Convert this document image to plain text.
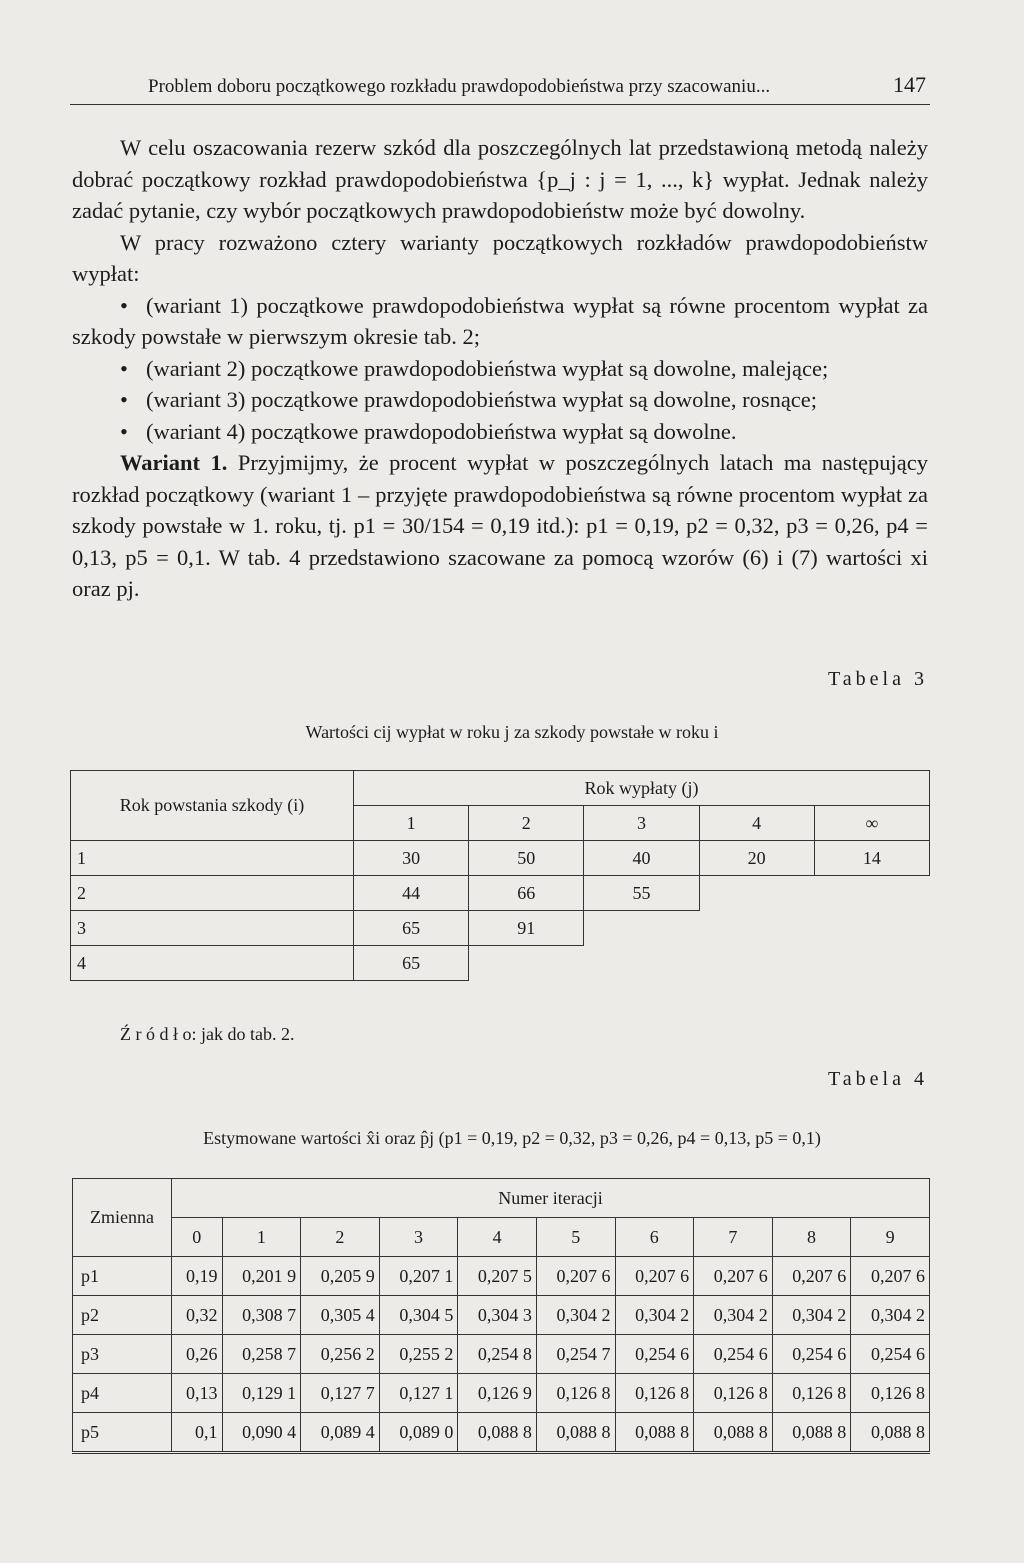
Problem doboru początkowego rozkładu prawdopodobieństwa przy szacowaniu...	147

W celu oszacowania rezerw szkód dla poszczególnych lat przedstawioną metodą należy dobrać początkowy rozkład prawdopodobieństwa {p_j : j = 1, ..., k} wypłat. Jednak należy zadać pytanie, czy wybór początkowych prawdopodobieństw może być dowolny.

W pracy rozważono cztery warianty początkowych rozkładów prawdopodobieństw wypłat:

• (wariant 1) początkowe prawdopodobieństwa wypłat są równe procentom wypłat za szkody powstałe w pierwszym okresie tab. 2;
• (wariant 2) początkowe prawdopodobieństwa wypłat są dowolne, malejące;
• (wariant 3) początkowe prawdopodobieństwa wypłat są dowolne, rosnące;
• (wariant 4) początkowe prawdopodobieństwa wypłat są dowolne.

Wariant 1. Przyjmijmy, że procent wypłat w poszczególnych latach ma następujący rozkład początkowy (wariant 1 – przyjęte prawdopodobieństwa są równe procentom wypłat za szkody powstałe w 1. roku, tj. p1 = 30/154 = 0,19 itd.): p1 = 0,19, p2 = 0,32, p3 = 0,26, p4 = 0,13, p5 = 0,1. W tab. 4 przedstawiono szacowane za pomocą wzorów (6) i (7) wartości xi oraz pj.

Tabela 3
Wartości cij wypłat w roku j za szkody powstałe w roku i
Rok powstania szkody (i)	Rok wypłaty (j)				
	1	2	3	4	∞
1	30	50	40	20	14
2	44	66	55		
3	65	91			
4	65				
Ź r ó d ł o: jak do tab. 2.
Tabela 4
Estymowane wartości x̂i oraz p̂j (p1 = 0,19, p2 = 0,32, p3 = 0,26, p4 = 0,13, p5 = 0,1)
Zmienna	Numer iteracji									
	0	1	2	3	4	5	6	7	8	9
p1	0,19	0,201 9	0,205 9	0,207 1	0,207 5	0,207 6	0,207 6	0,207 6	0,207 6	0,207 6
p2	0,32	0,308 7	0,305 4	0,304 5	0,304 3	0,304 2	0,304 2	0,304 2	0,304 2	0,304 2
p3	0,26	0,258 7	0,256 2	0,255 2	0,254 8	0,254 7	0,254 6	0,254 6	0,254 6	0,254 6
p4	0,13	0,129 1	0,127 7	0,127 1	0,126 9	0,126 8	0,126 8	0,126 8	0,126 8	0,126 8
p5	0,1	0,090 4	0,089 4	0,089 0	0,088 8	0,088 8	0,088 8	0,088 8	0,088 8	0,088 8
